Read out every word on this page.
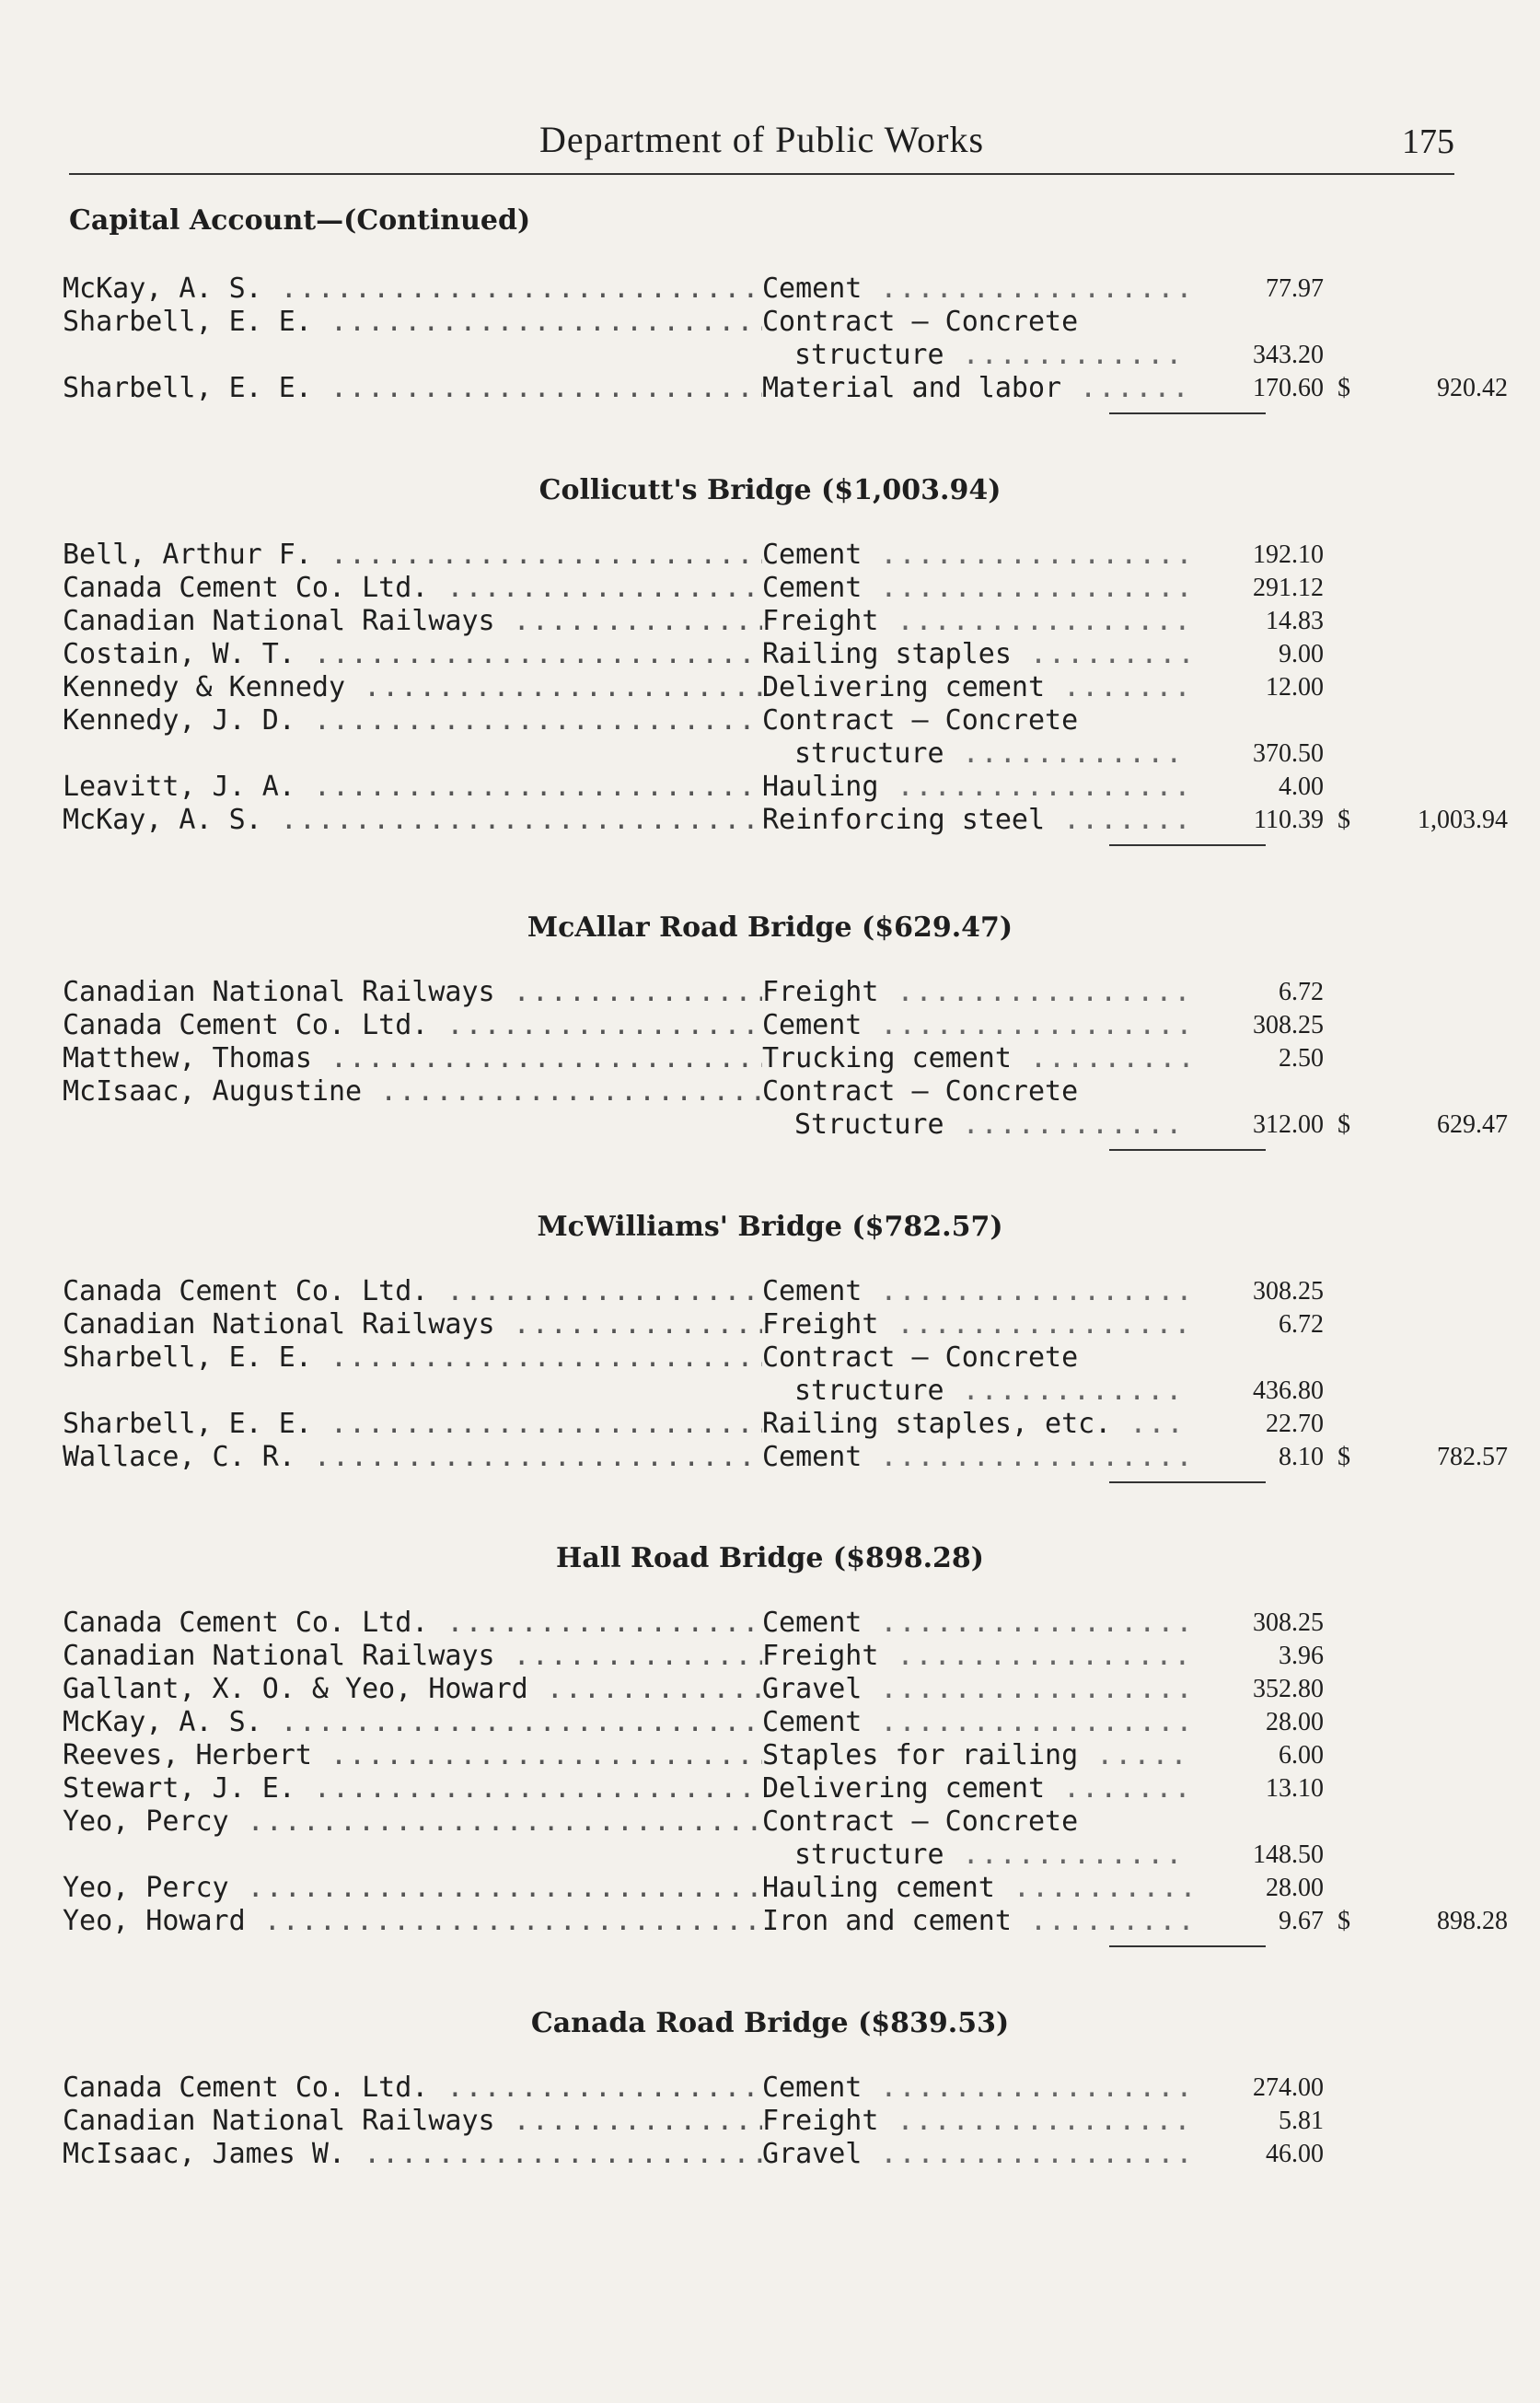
Department of Public Works	175
Capital Account—(Continued)
McKay, A. S. .....	Cement .....	77.97
Sharbell, E. E. .....	Contract — Concrete
structure .....	343.20
Sharbell, E. E. .....	Material and labor .....	170.60 $	920.42
Collicutt's Bridge ($1,003.94)
Bell, Arthur F. .....	Cement .....	192.10
Canada Cement Co. Ltd. .....	Cement .....	291.12
Canadian National Railways .....	Freight .....	14.83
Costain, W. T. .....	Railing staples .....	9.00
Kennedy & Kennedy .....	Delivering cement .....	12.00
Kennedy, J. D. .....	Contract — Concrete
structure .....	370.50
Leavitt, J. A. .....	Hauling .....	4.00
McKay, A. S. .....	Reinforcing steel .....	110.39 $	1,003.94
McAllar Road Bridge ($629.47)
Canadian National Railways .....	Freight .....	6.72
Canada Cement Co. Ltd. .....	Cement .....	308.25
Matthew, Thomas .....	Trucking cement .....	2.50
McIsaac, Augustine .....	Contract — Concrete
Structure .....	312.00 $	629.47
McWilliams' Bridge ($782.57)
Canada Cement Co. Ltd. .....	Cement .....	308.25
Canadian National Railways .....	Freight .....	6.72
Sharbell, E. E. .....	Contract — Concrete
structure .....	436.80
Sharbell, E. E. .....	Railing staples, etc. .....	22.70
Wallace, C. R. .....	Cement .....	8.10 $	782.57
Hall Road Bridge ($898.28)
Canada Cement Co. Ltd. .....	Cement .....	308.25
Canadian National Railways .....	Freight .....	3.96
Gallant, X. O. & Yeo, Howard .....	Gravel .....	352.80
McKay, A. S. .....	Cement .....	28.00
Reeves, Herbert .....	Staples for railing .....	6.00
Stewart, J. E. .....	Delivering cement .....	13.10
Yeo, Percy .....	Contract — Concrete
structure .....	148.50
Yeo, Percy .....	Hauling cement .....	28.00
Yeo, Howard .....	Iron and cement .....	9.67 $	898.28
Canada Road Bridge ($839.53)
Canada Cement Co. Ltd. .....	Cement .....	274.00
Canadian National Railways .....	Freight .....	5.81
McIsaac, James W. .....	Gravel .....	46.00
